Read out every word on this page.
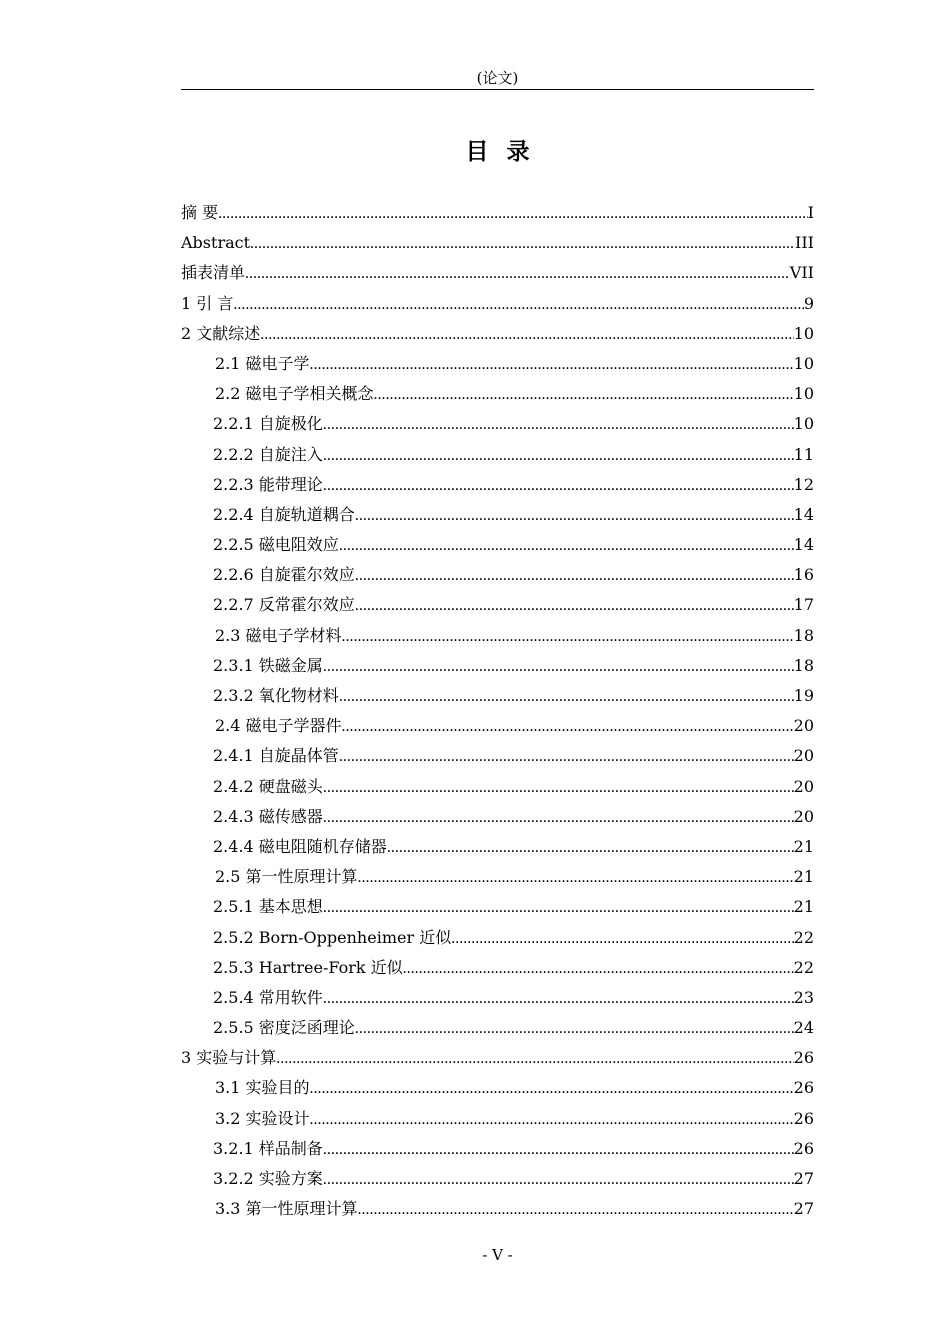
(论文)
目录
摘 要 .....	I
Abstract .....	III
插表清单 .....	VII
1 引 言 .....	9
2 文献综述 .....	10
2.1 磁电子学 .....	10
2.2 磁电子学相关概念 .....	10
2.2.1 自旋极化 .....	10
2.2.2 自旋注入 .....	11
2.2.3 能带理论 .....	12
2.2.4 自旋轨道耦合 .....	14
2.2.5 磁电阻效应 .....	14
2.2.6 自旋霍尔效应 .....	16
2.2.7 反常霍尔效应 .....	17
2.3 磁电子学材料 .....	18
2.3.1 铁磁金属 .....	18
2.3.2 氧化物材料 .....	19
2.4 磁电子学器件 .....	20
2.4.1 自旋晶体管 .....	20
2.4.2 硬盘磁头 .....	20
2.4.3 磁传感器 .....	20
2.4.4 磁电阻随机存储器 .....	21
2.5 第一性原理计算 .....	21
2.5.1 基本思想 .....	21
2.5.2 Born-Oppenheimer 近似 .....	22
2.5.3 Hartree-Fork 近似 .....	22
2.5.4 常用软件 .....	23
2.5.5 密度泛函理论 .....	24
3 实验与计算 .....	26
3.1 实验目的 .....	26
3.2 实验设计 .....	26
3.2.1 样品制备 .....	26
3.2.2 实验方案 .....	27
3.3 第一性原理计算 .....	27
- V -
